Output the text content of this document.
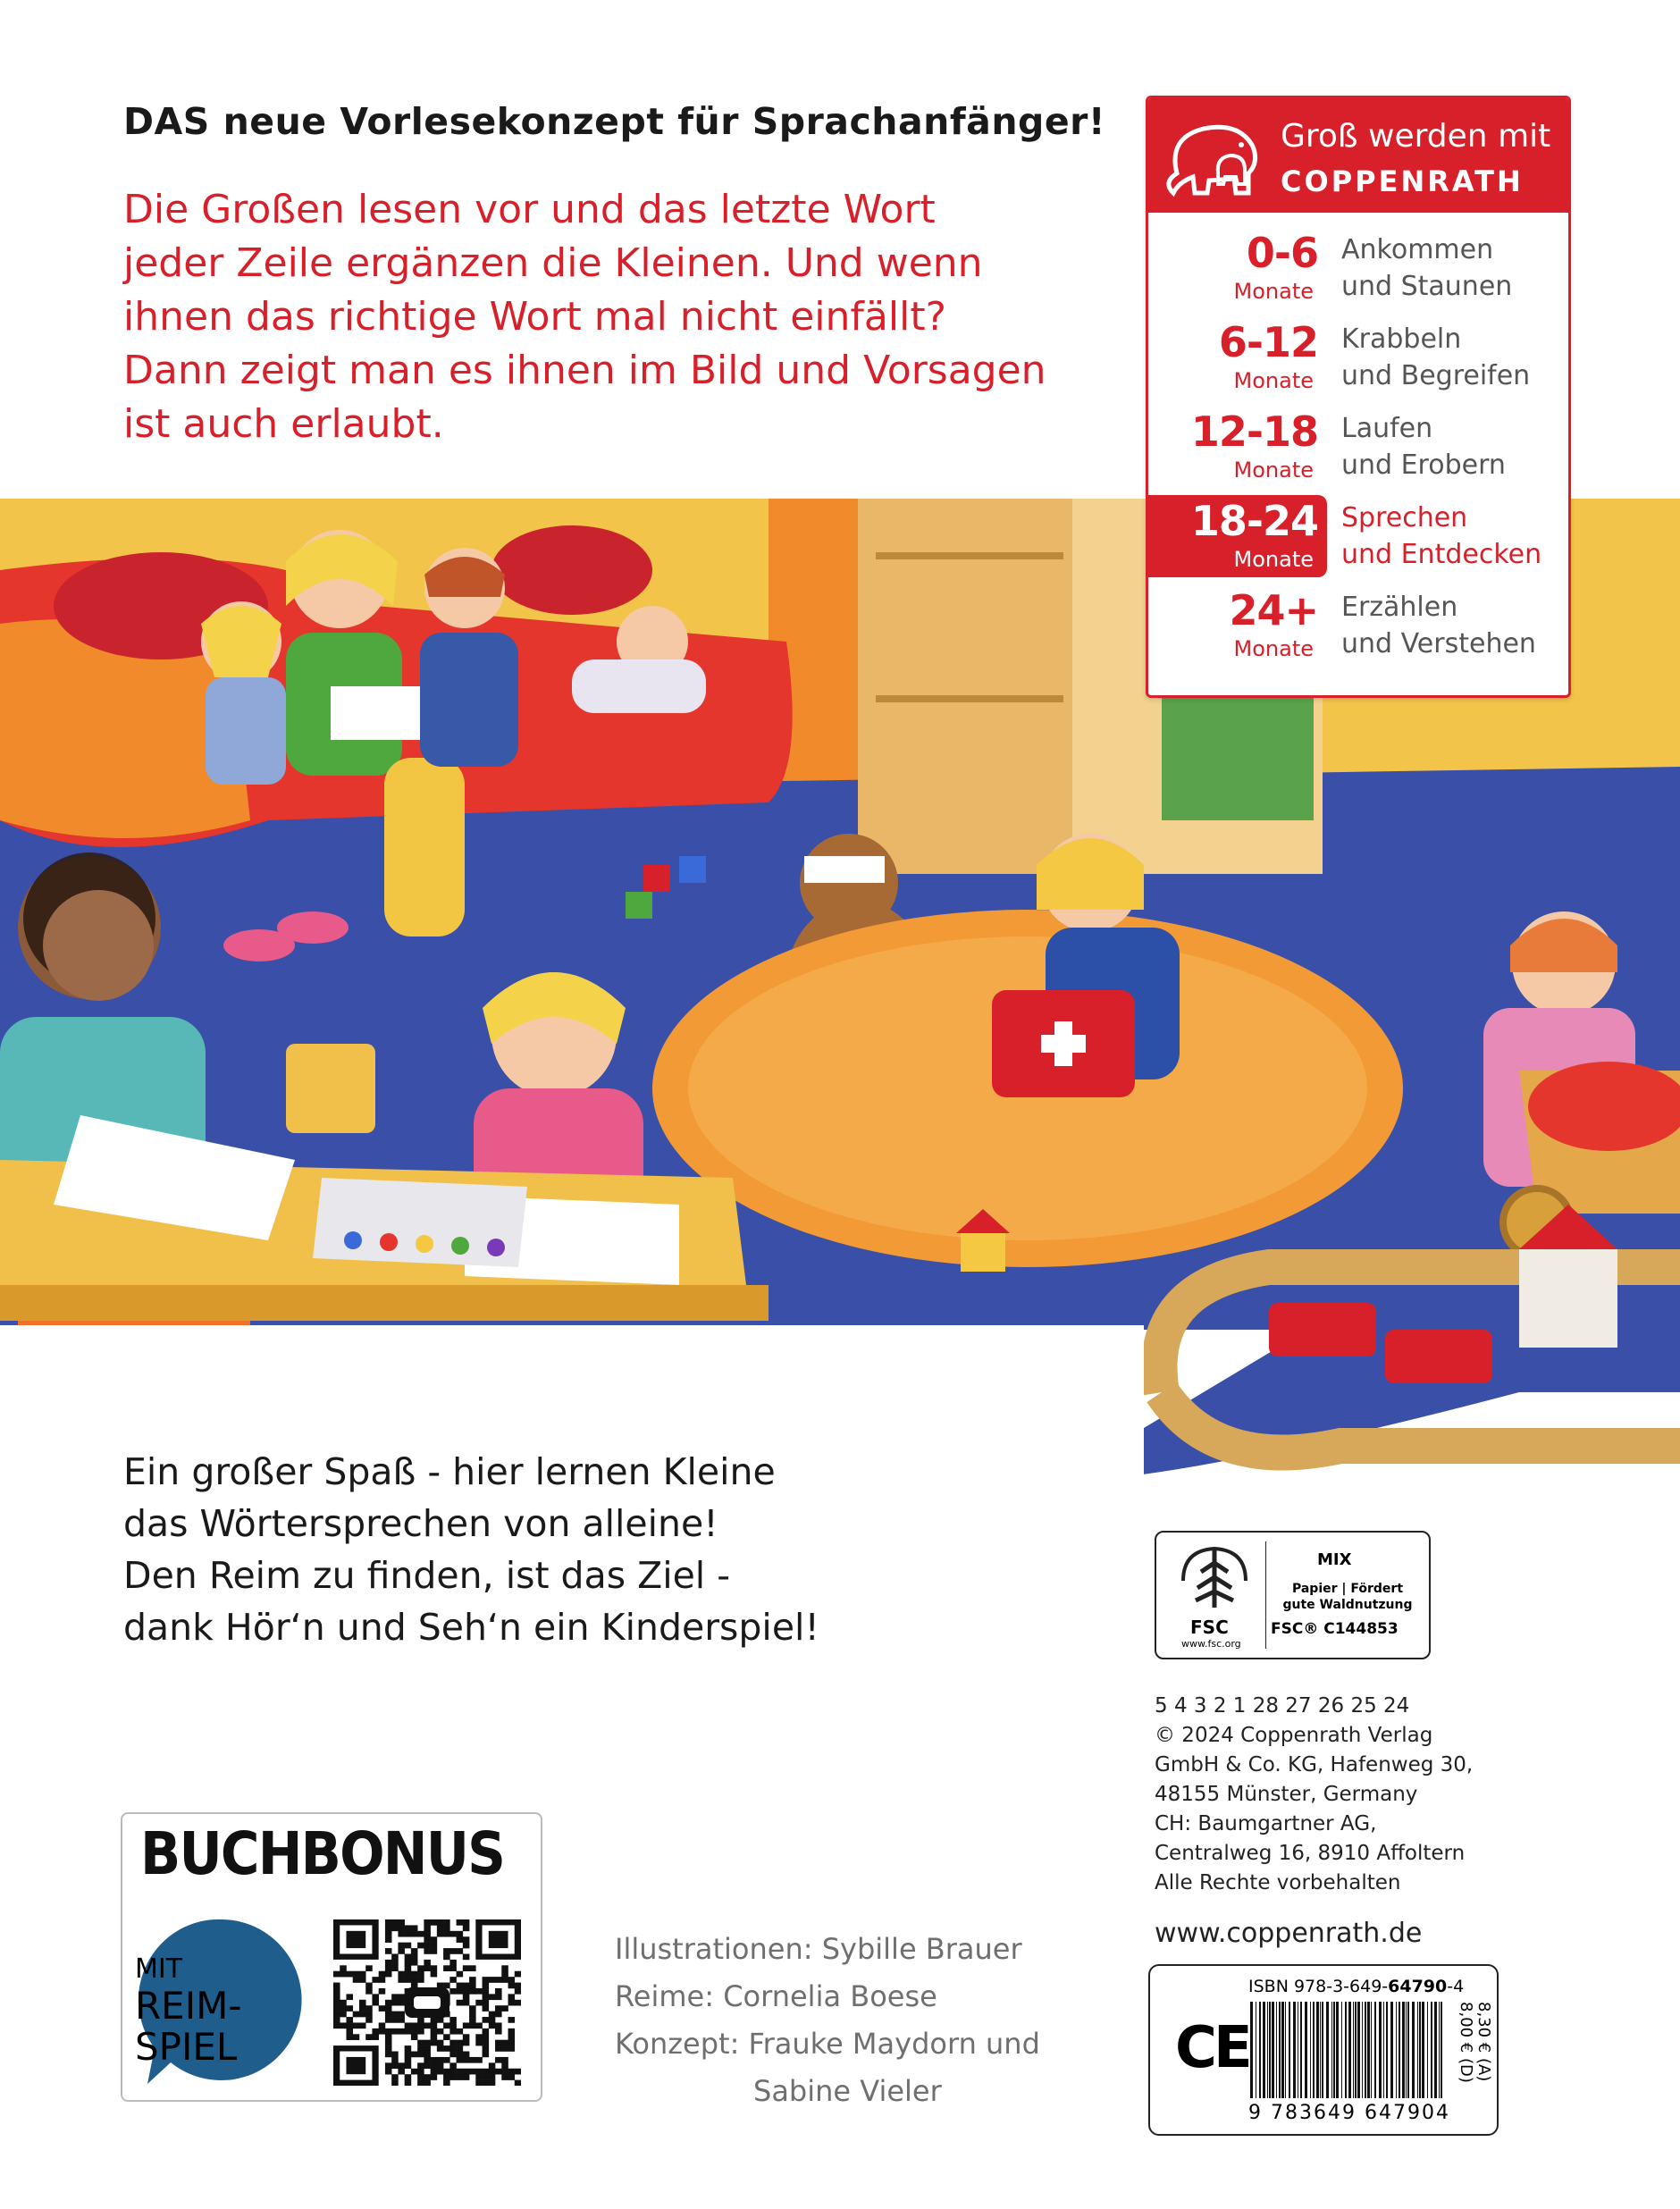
DAS neue Vorlesekonzept für Sprachanfänger!
Die Großen lesen vor und das letzte Wort
jeder Zeile ergänzen die Kleinen. Und wenn
ihnen das richtige Wort mal nicht einfällt?
Dann zeigt man es ihnen im Bild und Vorsagen
ist auch erlaubt.
Groß werden mit
COPPENRATH
0-6
Monate
Ankommen
und Staunen
6-12
Monate
Krabbeln
und Begreifen
12-18
Monate
Laufen
und Erobern
18-24
Monate
Sprechen
und Entdecken
24+
Monate
Erzählen
und Verstehen
Ein großer Spaß - hier lernen Kleine
das Wörtersprechen von alleine!
Den Reim zu finden, ist das Ziel -
dank Hör‘n und Seh‘n ein Kinderspiel!	FSC
www.fsc.org
MIX
Papier | Fördert
gute Waldnutzung
FSC® C144853
5 4 3 2 1 28 27 26 25 24
© 2024 Coppenrath Verlag
GmbH & Co. KG, Hafenweg 30,
48155 Münster, Germany
CH: Baumgartner AG,
Centralweg 16, 8910 Affoltern
Alle Rechte vorbehalten
www.coppenrath.de
CE
ISBN 978-3-649-64790-4
9 783649 647904
8,00 € (D) 8,30 € (A)
Illustrationen: Sybille Brauer
Reime: Cornelia Boese
Konzept: Frauke Maydorn und
Sabine Vieler
BUCHBONUS
MIT
REIM-
SPIEL
